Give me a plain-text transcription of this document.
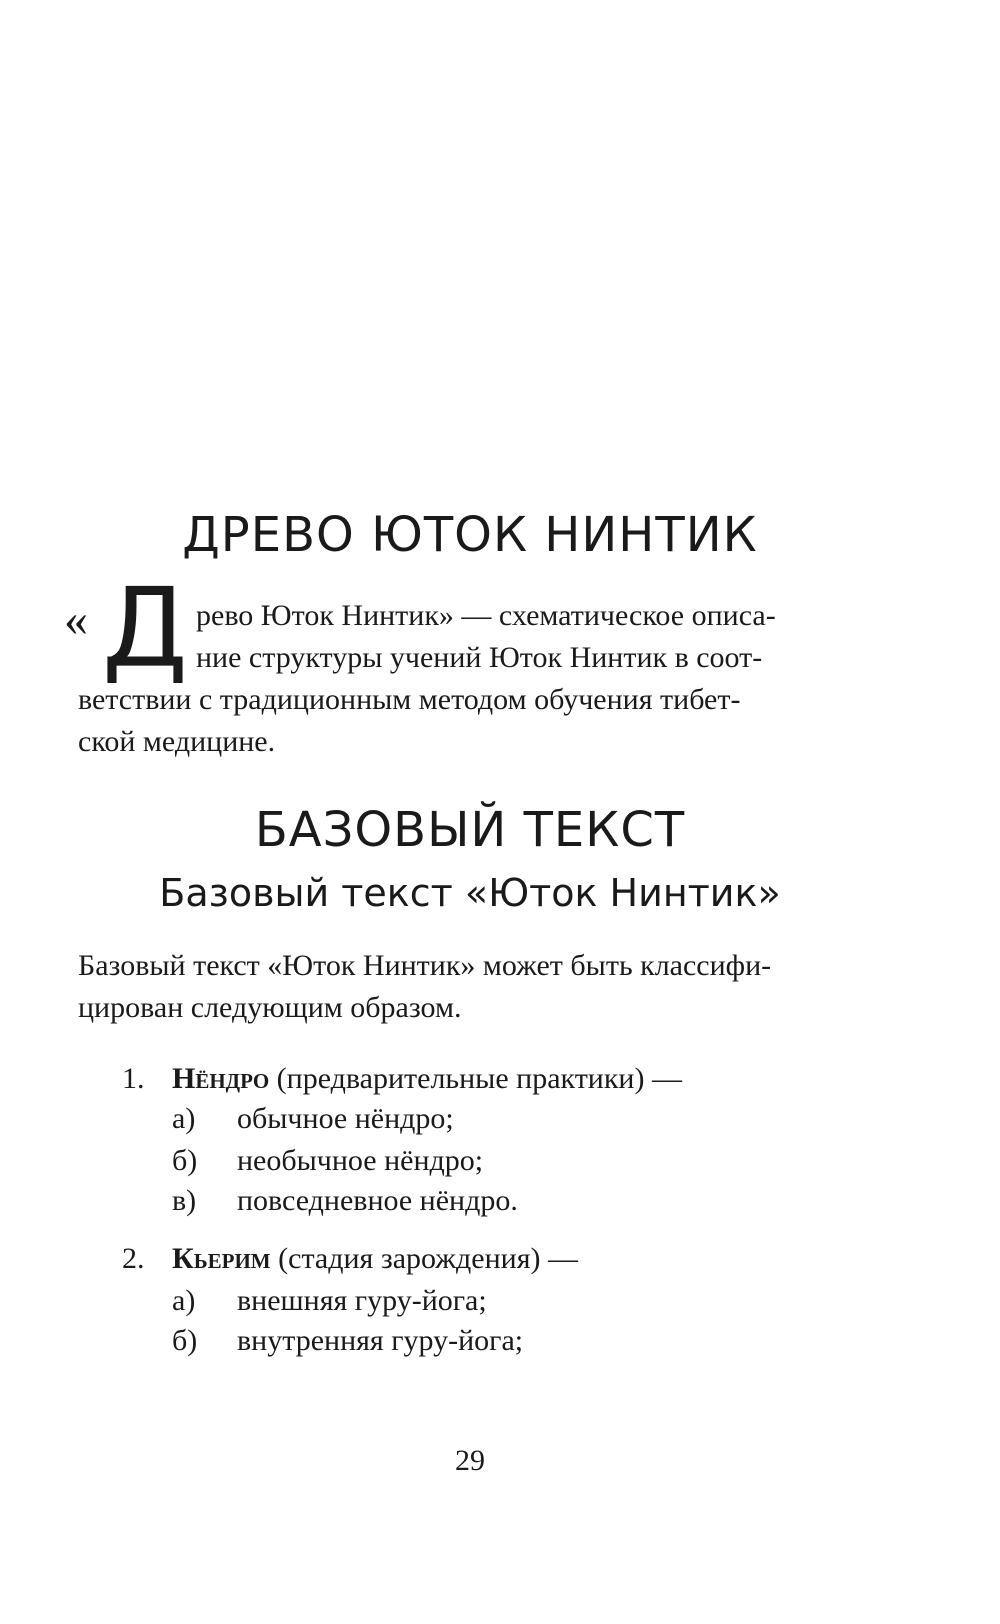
ДРЕВО ЮТОК НИНТИК
« Д рево Юток Нинтик» — схематическое описа-
ние структуры учений Юток Нинтик в соот-
ветствии с традиционным методом обучения тибет-
ской медицине.

БАЗОВЫЙ ТЕКСТ
Базовый текст «Юток Нинтик»

Базовый текст «Юток Нинтик» может быть классифи-
цирован следующим образом.

1. Нёндро (предварительные практики) —
а) обычное нёндро;
б) необычное нёндро;
в) повседневное нёндро.
2. Кьерим (стадия зарождения) —
а) внешняя гуру-йога;
б) внутренняя гуру-йога;
29
